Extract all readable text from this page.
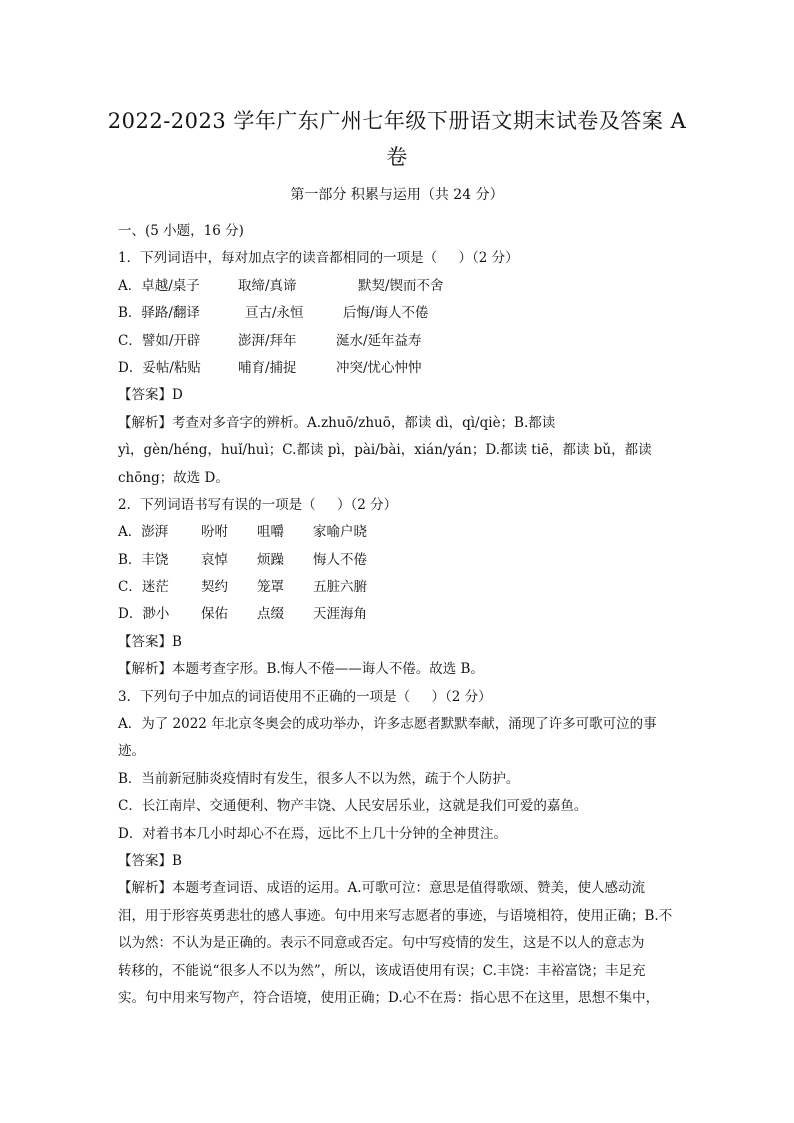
2022-2023 学年广东广州七年级下册语文期末试卷及答案 A
卷
第一部分 积累与运用（共 24 分）
一、(5 小题，16 分)
1．下列词语中，每对加点字的读音都相同的一项是（     ）（2 分）
A．卓越/桌子	取缔/真谛	默契/锲而不舍
B．驿路/翻译	亘古/永恒	后悔/诲人不倦
C．譬如/开辟	澎湃/拜年	涎水/延年益寿
D．妥帖/粘贴	哺育/捕捉	冲突/忧心忡忡
【答案】D
【解析】考查对多音字的辨析。A.zhuō/zhuō，都读 dì，qì/qiè；B.都读
yì，gèn/héng，huǐ/huì；C.都读 pì，pài/bài，xián/yán；D.都读 tiē，都读 bǔ，都读
chōng；故选 D。
2．下列词语书写有误的一项是（     ）（2 分）
A．澎湃	吩咐	咀嚼	家喻户晓
B．丰饶	哀悼	烦躁	悔人不倦
C．迷茫	契约	笼罩	五脏六腑
D．渺小	保佑	点缀	天涯海角
【答案】B
【解析】本题考查字形。B.悔人不倦——诲人不倦。故选 B。
3．下列句子中加点的词语使用不正确的一项是（     ）（2 分）
A．为了 2022 年北京冬奥会的成功举办，许多志愿者默默奉献，涌现了许多可歌可泣的事
迹。
B．当前新冠肺炎疫情时有发生，很多人不以为然，疏于个人防护。
C．长江南岸、交通便利、物产丰饶、人民安居乐业，这就是我们可爱的嘉鱼。
D．对着书本几小时却心不在焉，远比不上几十分钟的全神贯注。
【答案】B
【解析】本题考查词语、成语的运用。A.可歌可泣：意思是值得歌颂、赞美，使人感动流
泪，用于形容英勇悲壮的感人事迹。句中用来写志愿者的事迹，与语境相符，使用正确；B.不
以为然：不认为是正确的。表示不同意或否定。句中写疫情的发生，这是不以人的意志为
转移的，不能说“很多人不以为然”，所以，该成语使用有误；C.丰饶：丰裕富饶；丰足充
实。句中用来写物产，符合语境，使用正确；D.心不在焉：指心思不在这里，思想不集中，
